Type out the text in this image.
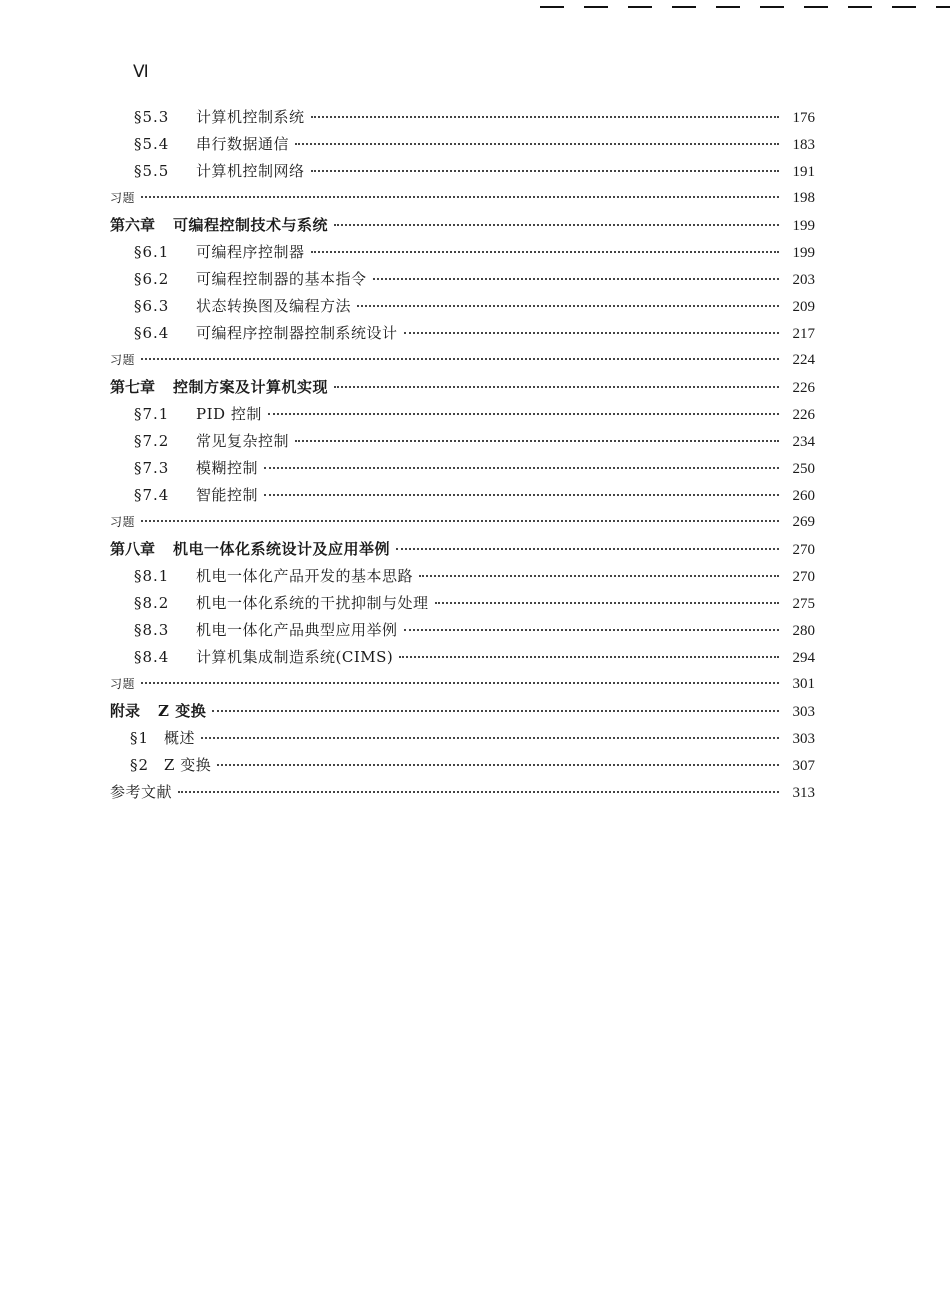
Ⅵ
§5.3	计算机控制系统	176
§5.4	串行数据通信	183
§5.5	计算机控制网络	191
习题	198
第六章 可编程控制技术与系统	199
§6.1	可编程序控制器	199
§6.2	可编程控制器的基本指令	203
§6.3	状态转换图及编程方法	209
§6.4	可编程序控制器控制系统设计	217
习题	224
第七章 控制方案及计算机实现	226
§7.1	PID 控制	226
§7.2	常见复杂控制	234
§7.3	模糊控制	250
§7.4	智能控制	260
习题	269
第八章 机电一体化系统设计及应用举例	270
§8.1	机电一体化产品开发的基本思路	270
§8.2	机电一体化系统的干扰抑制与处理	275
§8.3	机电一体化产品典型应用举例	280
§8.4	计算机集成制造系统(CIMS)	294
习题	301
附录 Z 变换	303
§1 概述	303
§2 Z 变换	307
参考文献	313
